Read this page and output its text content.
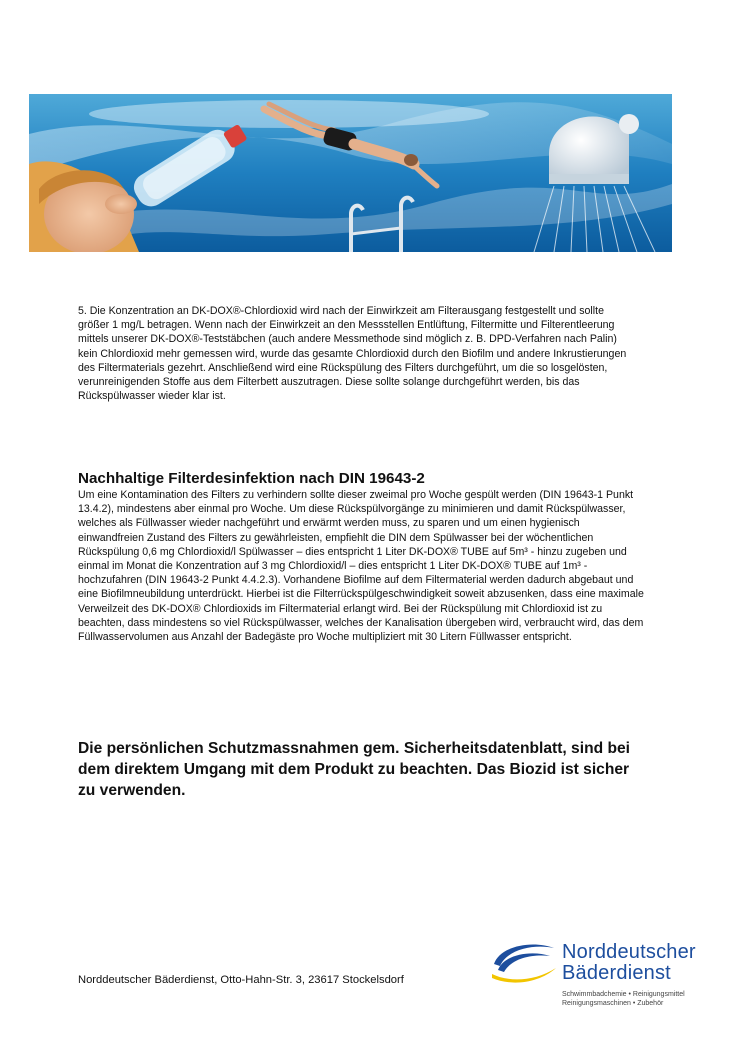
5. Die Konzentration an DK-DOX®-Chlordioxid wird nach der Einwirkzeit am Filterausgang festgestellt und sollte größer 1 mg/L betragen. Wenn nach der Einwirkzeit an den Messstellen Entlüftung, Filtermitte und Filterentleerung mittels unserer DK-DOX®-Teststäbchen (auch andere Messmethode sind möglich z. B. DPD-Verfahren nach Palin) kein Chlordioxid mehr gemessen wird, wurde das gesamte Chlordioxid durch den Biofilm und andere Inkrustierungen des Filtermaterials gezehrt. Anschließend wird eine Rückspülung des Filters durchgeführt, um die so losgelösten, verunreinigenden Stoffe aus dem Filterbett auszutragen. Diese sollte solange durchgeführt werden, bis das Rückspülwasser wieder klar ist.

Nachhaltige Filterdesinfektion nach DIN 19643-2

Um eine Kontamination des Filters zu verhindern sollte dieser zweimal pro Woche gespült werden (DIN 19643-1 Punkt 13.4.2), mindestens aber einmal pro Woche. Um diese Rückspülvorgänge zu minimieren und damit Rückspülwasser, welches als Füllwasser wieder nachgeführt und erwärmt werden muss, zu sparen und um einen hygienisch einwandfreien Zustand des Filters zu gewährleisten, empfiehlt die DIN dem Spülwasser bei der wöchentlichen Rückspülung 0,6 mg Chlordioxid/l Spülwasser – dies entspricht 1 Liter DK-DOX® TUBE auf 5m³ - hinzu zugeben und einmal im Monat die Konzentration auf 3 mg Chlordioxid/l – dies entspricht 1 Liter DK-DOX® TUBE auf 1m³ - hochzufahren (DIN 19643-2 Punkt 4.4.2.3). Vorhandene Biofilme auf dem Filtermaterial werden dadurch abgebaut und eine Biofilmneubildung unterdrückt. Hierbei ist die Filterrückspülgeschwindigkeit soweit abzusenken, dass eine maximale Verweilzeit des DK-DOX® Chlordioxids im Filtermaterial erlangt wird. Bei der Rückspülung mit Chlordioxid ist zu beachten, dass mindestens so viel Rückspülwasser, welches der Kanalisation übergeben wird, verbraucht wird, das dem Füllwasservolumen aus Anzahl der Badegäste pro Woche multipliziert mit 30 Litern Füllwasser entspricht.

Die persönlichen Schutzmassnahmen gem. Sicherheitsdatenblatt, sind bei dem direktem Umgang mit dem Produkt zu beachten. Das Biozid ist sicher zu verwenden.

Norddeutscher Bäderdienst, Otto-Hahn-Str. 3, 23617 Stockelsdorf

Norddeutscher
Bäderdienst

Schwimmbadchemie • Reinigungsmittel
Reinigungsmaschinen • Zubehör
